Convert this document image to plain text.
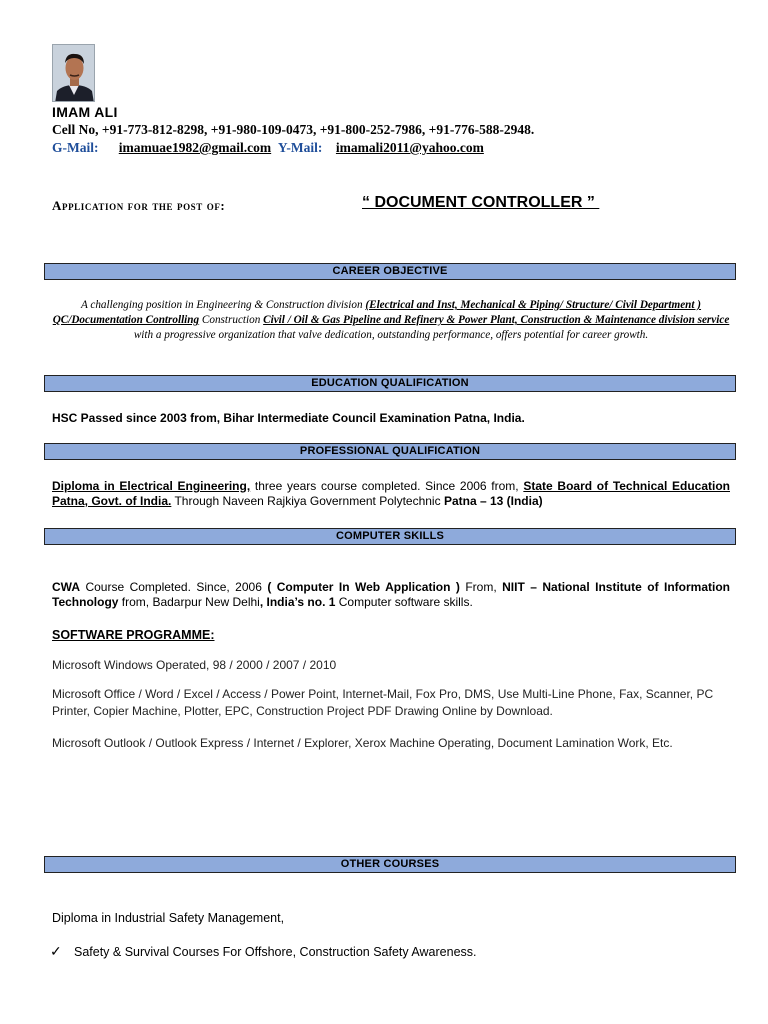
IMAM ALI
Cell No, +91-773-812-8298, +91-980-109-0473, +91-800-252-7986, +91-776-588-2948.
G-Mail: imamuae1982@gmail.com Y-Mail: imamali2011@yahoo.com
Application for the post of:	“ DOCUMENT CONTROLLER ”
CAREER OBJECTIVE
A challenging position in Engineering & Construction division (Electrical and Inst, Mechanical & Piping/ Structure/ Civil Department ) QC/Documentation Controlling Construction Civil / Oil & Gas Pipeline and Refinery & Power Plant, Construction & Maintenance division service with a progressive organization that valve dedication, outstanding performance, offers potential for career growth.
EDUCATION QUALIFICATION
HSC Passed since 2003 from, Bihar Intermediate Council Examination Patna, India.
PROFESSIONAL QUALIFICATION
Diploma in Electrical Engineering, three years course completed. Since 2006 from, State Board of Technical Education Patna, Govt. of India. Through Naveen Rajkiya Government Polytechnic Patna – 13 (India)
COMPUTER SKILLS
CWA Course Completed. Since, 2006 ( Computer In Web Application ) From, NIIT – National Institute of Information Technology from, Badarpur New Delhi, India’s no. 1 Computer software skills.
SOFTWARE PROGRAMME:
Microsoft Windows Operated, 98 / 2000 / 2007 / 2010
Microsoft Office / Word / Excel / Access / Power Point, Internet-Mail, Fox Pro, DMS, Use Multi-Line Phone, Fax, Scanner, PC Printer, Copier Machine, Plotter, EPC, Construction Project PDF Drawing Online by Download.
Microsoft Outlook / Outlook Express / Internet / Explorer, Xerox Machine Operating, Document Lamination Work, Etc.
OTHER COURSES
Diploma in Industrial Safety Management,
✓ Safety & Survival Courses For Offshore, Construction Safety Awareness.
